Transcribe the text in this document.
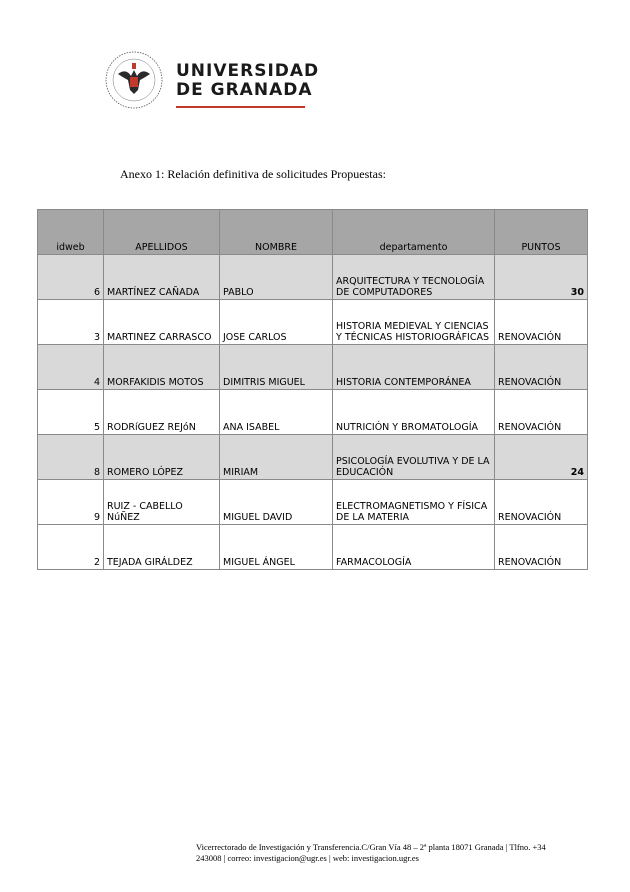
UNIVERSIDAD
DE GRANADA
Anexo 1: Relación definitiva de solicitudes Propuestas:
idweb	APELLIDOS	NOMBRE	departamento	PUNTOS
6	MARTÍNEZ CAÑADA	PABLO	ARQUITECTURA Y TECNOLOGÍA DE COMPUTADORES	30
3	MARTINEZ CARRASCO	JOSE CARLOS	HISTORIA MEDIEVAL Y CIENCIAS Y TÉCNICAS HISTORIOGRÁFICAS	RENOVACIÓN
4	MORFAKIDIS MOTOS	DIMITRIS MIGUEL	HISTORIA CONTEMPORÁNEA	RENOVACIÓN
5	RODRíGUEZ REJóN	ANA ISABEL	NUTRICIÓN Y BROMATOLOGÍA	RENOVACIÓN
8	ROMERO LÓPEZ	MIRIAM	PSICOLOGÍA EVOLUTIVA Y DE LA EDUCACIÓN	24
9	RUIZ - CABELLO NúÑEZ	MIGUEL DAVID	ELECTROMAGNETISMO Y FÍSICA DE LA MATERIA	RENOVACIÓN
2	TEJADA GIRÁLDEZ	MIGUEL ÁNGEL	FARMACOLOGÍA	RENOVACIÓN
Vicerrectorado de Investigación y Transferencia.C/Gran Vía 48 – 2ª planta 18071 Granada | Tlfno. +34
243008 | correo: investigacion@ugr.es | web: investigacion.ugr.es
